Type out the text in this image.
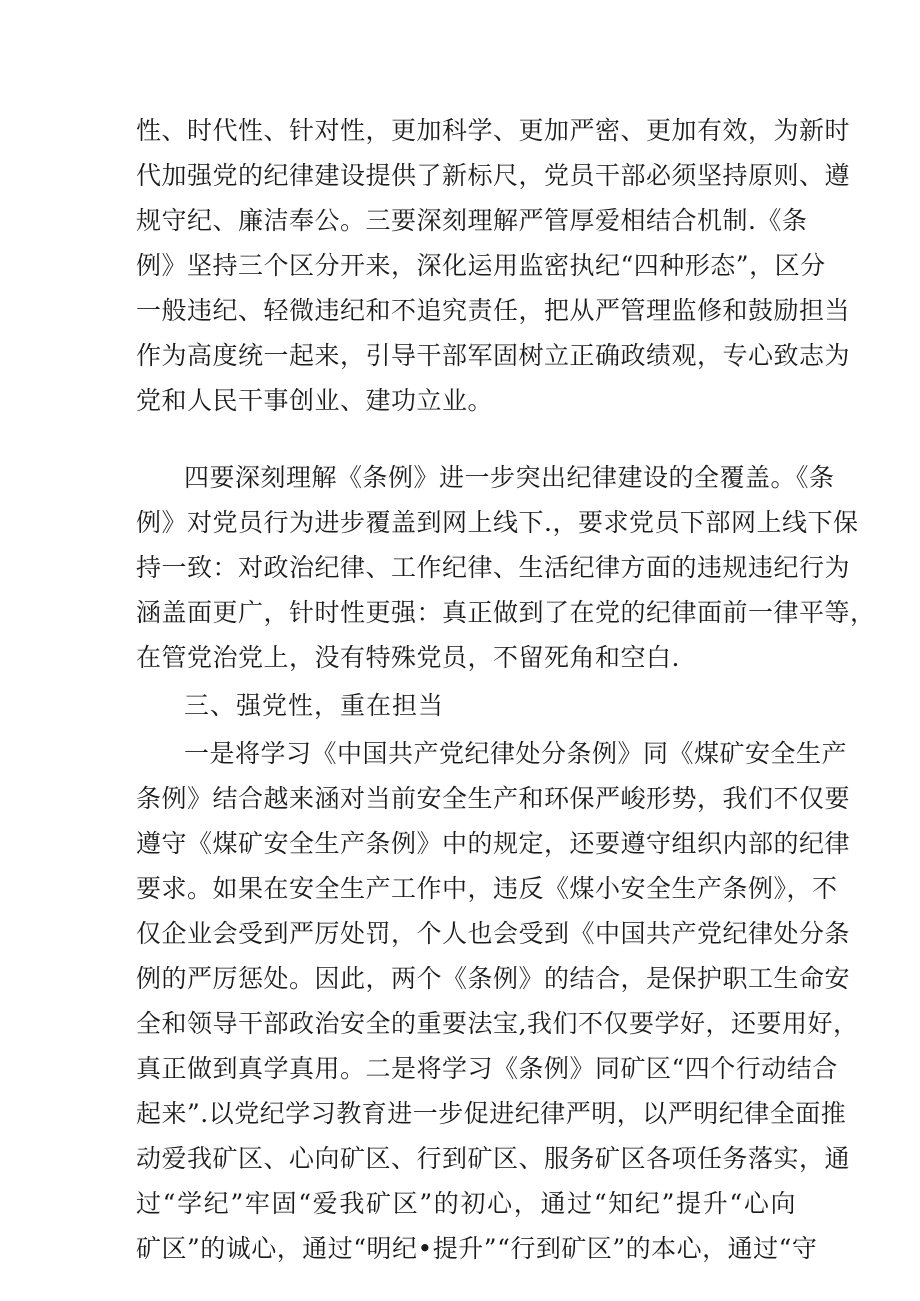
性、时代性、针对性，更加科学、更加严密、更加有效，为新时
代加强党的纪律建设提供了新标尺，党员干部必须坚持原则、遵
规守纪、廉洁奉公。三要深刻理解严管厚爱相结合机制.《条
例》坚持三个区分开来，深化运用监密执纪“四种形态”，区分
一般违纪、轻微违纪和不追究责任，把从严管理监修和鼓励担当
作为高度统一起来，引导干部军固树立正确政绩观，专心致志为
党和人民干事创业、建功立业。
四要深刻理解《条例》进一步突出纪律建设的全覆盖。《条
例》对党员行为进步覆盖到网上线下.，要求党员下部网上线下保
持一致：对政治纪律、工作纪律、生活纪律方面的违规违纪行为
涵盖面更广，针时性更强：真正做到了在党的纪律面前一律平等，
在管党治党上，没有特殊党员，不留死角和空白.
三、强党性，重在担当
一是将学习《中国共产党纪律处分条例》同《煤矿安全生产
条例》结合越来涵对当前安全生产和环保严峻形势，我们不仅要
遵守《煤矿安全生产条例》中的规定，还要遵守组织内部的纪律
要求。如果在安全生产工作中，违反《煤小安全生产条例》，不
仅企业会受到严厉处罚，个人也会受到《中国共产党纪律处分条
例的严厉惩处。因此，两个《条例》的结合，是保护职工生命安
全和领导干部政治安全的重要法宝,我们不仅要学好，还要用好，
真正做到真学真用。二是将学习《条例》同矿区“四个行动结合
起来”.以党纪学习教育进一步促进纪律严明，以严明纪律全面推
动爱我矿区、心向矿区、行到矿区、服务矿区各项任务落实，通
过“学纪”牢固“爱我矿区”的初心，通过“知纪”提升“心向
矿区”的诚心，通过“明纪•提升”“行到矿区”的本心，通过“守
